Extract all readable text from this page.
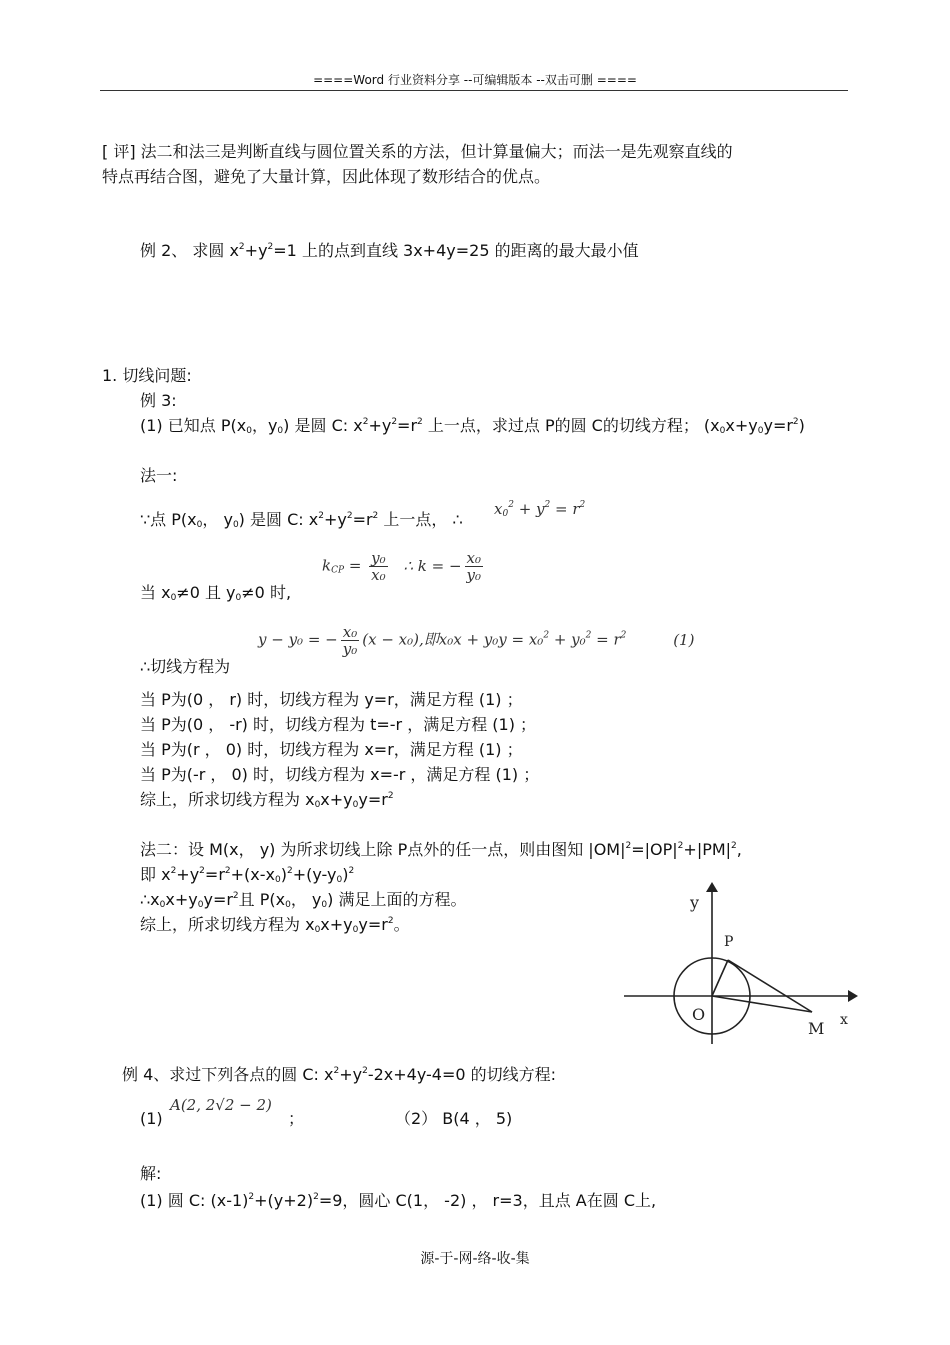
====Word 行业资料分享 --可编辑版本 --双击可删 ====
[ 评] 法二和法三是判断直线与圆位置关系的方法，但计算量偏大；而法一是先观察直线的
特点再结合图，避免了大量计算，因此体现了数形结合的优点。
例 2、 求圆 $x^2+y^2=1$ 上的点到直线 3x+4y=25 的距离的最大最小值
1. 切线问题:
例 3:
(1) 已知点 $P(x_0$，$y_0$) 是圆 C: $x^2+y^2=r^2$ 上一点，求过点 P的圆 C的切线方程； $(x_0x+y_0y=r^2)$
法一:
∵点 $P(x_0$， $y_0$) 是圆 C: $x^2+y^2=r^2$ 上一点， ∴
$x_0^2 + y^2 = r^2$
$k_{CP} = \frac{\text{y₀}}{\text{x₀}}$ ∴ k = − $\frac{\text{x₀}}{\text{y₀}}$
当 $x_0\ne 0$ 且 $y_0\ne 0$ 时,
y − y₀ = − $\frac{\text{x₀}}{\text{y₀}} (x - x_0)$,即$x_0x + y_0y = x_0^2 + y_0^2 = r^2$	(1)
∴切线方程为
当 P为(0 ， r) 时，切线方程为 y=r，满足方程 (1) ；
当 P为(0 ， -r) 时，切线方程为 t=-r ，满足方程 (1) ；
当 P为(r ， 0) 时，切线方程为 x=r，满足方程 (1) ；
当 P为(-r ， 0) 时，切线方程为 x=-r ，满足方程 (1) ；
综上，所求切线方程为 $x_0x+y_0y=r^2$
法二：设 M(x， y) 为所求切线上除 P点外的任一点，则由图知 $|OM|^2=|OP|^2+|PM|^2$,
即 $x^2+y^2=r^2+(x-x_0)^2+(y-y_0)^2$
$\therefore x_0x+y_0y=r^2$且 $P(x_0$， $y_0$) 满足上面的方程。
综上，所求切线方程为 $x_0x+y_0y=r^2$。
y
x
O
P
M
例 4、求过下列各点的圆 C: $x^2+y^2-2x+4y-4=0$ 的切线方程:
(1)
A(2, 2√2 − 2)
；	（2） B(4 ， 5)
解:
(1) 圆 C: $(x-1)^2+(y+2)^2=9$，圆心 C(1， -2) ， r=3，且点 A在圆 C上,
源-于-网-络-收-集
